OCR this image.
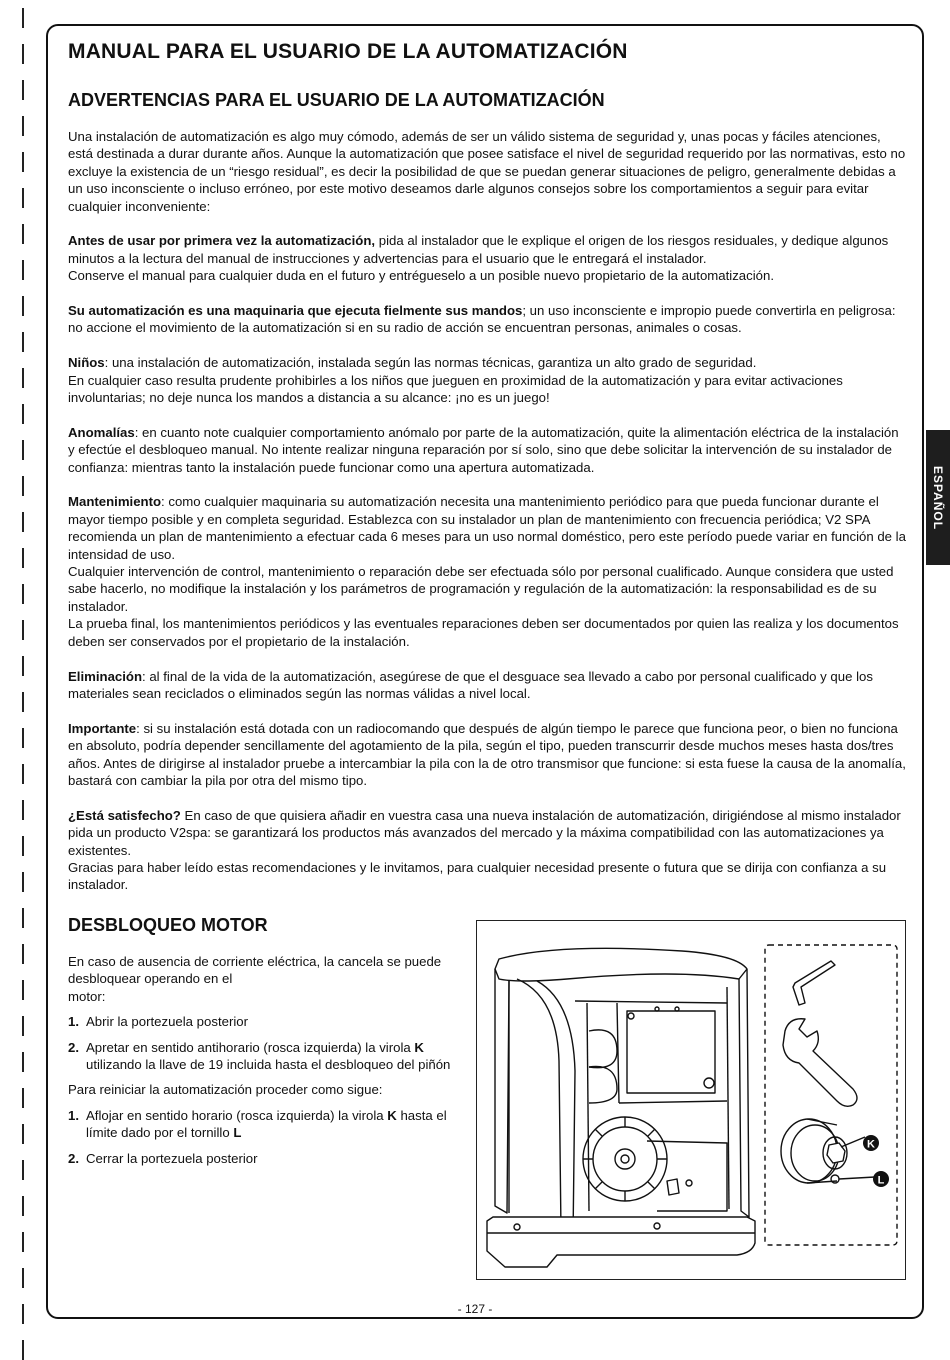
ESPAÑOL
MANUAL PARA EL USUARIO DE LA AUTOMATIZACIÓN
ADVERTENCIAS PARA EL USUARIO DE LA AUTOMATIZACIÓN

Una instalación de automatización es algo muy cómodo, además de ser un válido sistema de seguridad y, unas pocas y fáciles atenciones, está destinada a durar durante años. Aunque la automatización que posee satisface el nivel de seguridad requerido por las normativas, esto no excluye la existencia de un “riesgo residual”, es decir la posibilidad de que se puedan generar situaciones de peligro, generalmente debidas a un uso inconsciente o incluso erróneo, por este motivo deseamos darle algunos consejos sobre los comportamientos a seguir para evitar cualquier inconveniente:

Antes de usar por primera vez la automatización, pida al instalador que le explique el origen de los riesgos residuales, y dedique algunos minutos a la lectura del manual de instrucciones y advertencias para el usuario que le entregará el instalador.
Conserve el manual para cualquier duda en el futuro y entrégueselo a un posible nuevo propietario de la automatización.

Su automatización es una maquinaria que ejecuta fielmente sus mandos; un uso inconsciente e impropio puede convertirla en peligrosa: no accione el movimiento de la automatización si en su radio de acción se encuentran personas, animales o cosas.

Niños: una instalación de automatización, instalada según las normas técnicas, garantiza un alto grado de seguridad.
En cualquier caso resulta prudente prohibirles a los niños que jueguen en proximidad de la automatización y para evitar activaciones involuntarias; no deje nunca los mandos a distancia a su alcance: ¡no es un juego!

Anomalías: en cuanto note cualquier comportamiento anómalo por parte de la automatización, quite la alimentación eléctrica de la instalación y efectúe el desbloqueo manual. No intente realizar ninguna reparación por sí solo, sino que debe solicitar la intervención de su instalador de confianza: mientras tanto la instalación puede funcionar como una apertura automatizada.

Mantenimiento: como cualquier maquinaria su automatización necesita una mantenimiento periódico para que pueda funcionar durante el mayor tiempo posible y en completa seguridad. Establezca con su instalador un plan de mantenimiento con frecuencia periódica; V2 SPA recomienda un plan de mantenimiento a efectuar cada 6 meses para un uso normal doméstico, pero este período puede variar en función de la intensidad de uso.
Cualquier intervención de control, mantenimiento o reparación debe ser efectuada sólo por personal cualificado. Aunque considera que usted sabe hacerlo, no modifique la instalación y los parámetros de programación y regulación de la automatización: la responsabilidad es de su instalador.
La prueba final, los mantenimientos periódicos y las eventuales reparaciones deben ser documentados por quien las realiza y los documentos deben ser conservados por el propietario de la instalación.

Eliminación: al final de la vida de la automatización, asegúrese de que el desguace sea llevado a cabo por personal cualificado y que los materiales sean reciclados o eliminados según las normas válidas a nivel local.

Importante: si su instalación está dotada con un radiocomando que después de algún tiempo le parece que funciona peor, o bien no funciona en absoluto, podría depender sencillamente del agotamiento de la pila, según el tipo, pueden transcurrir desde muchos meses hasta dos/tres años. Antes de dirigirse al instalador pruebe a intercambiar la pila con la de otro transmisor que funcione: si esta fuese la causa de la anomalía, bastará con cambiar la pila por otra del mismo tipo.

¿Está satisfecho? En caso de que quisiera añadir en vuestra casa una nueva instalación de automatización, dirigiéndose al mismo instalador pida un producto V2spa: se garantizará los productos más avanzados del mercado y la máxima compatibilidad con las automatizaciones ya existentes.
Gracias para haber leído estas recomendaciones y le invitamos, para cualquier necesidad presente o futura que se dirija con confianza a su instalador.

DESBLOQUEO MOTOR

En caso de ausencia de corriente eléctrica, la cancela se puede
desbloquear operando en el
motor:

1. Abrir la portezuela posterior
2. Apretar en sentido antihorario (rosca izquierda) la virola K utilizando la llave de 19 incluida hasta el desbloqueo del piñón

Para reiniciar la automatización proceder como sigue:

1. Aflojar en sentido horario (rosca izquierda) la virola K hasta el límite dado por el tornillo L
2. Cerrar la portezuela posterior
K
L
- 127 -
